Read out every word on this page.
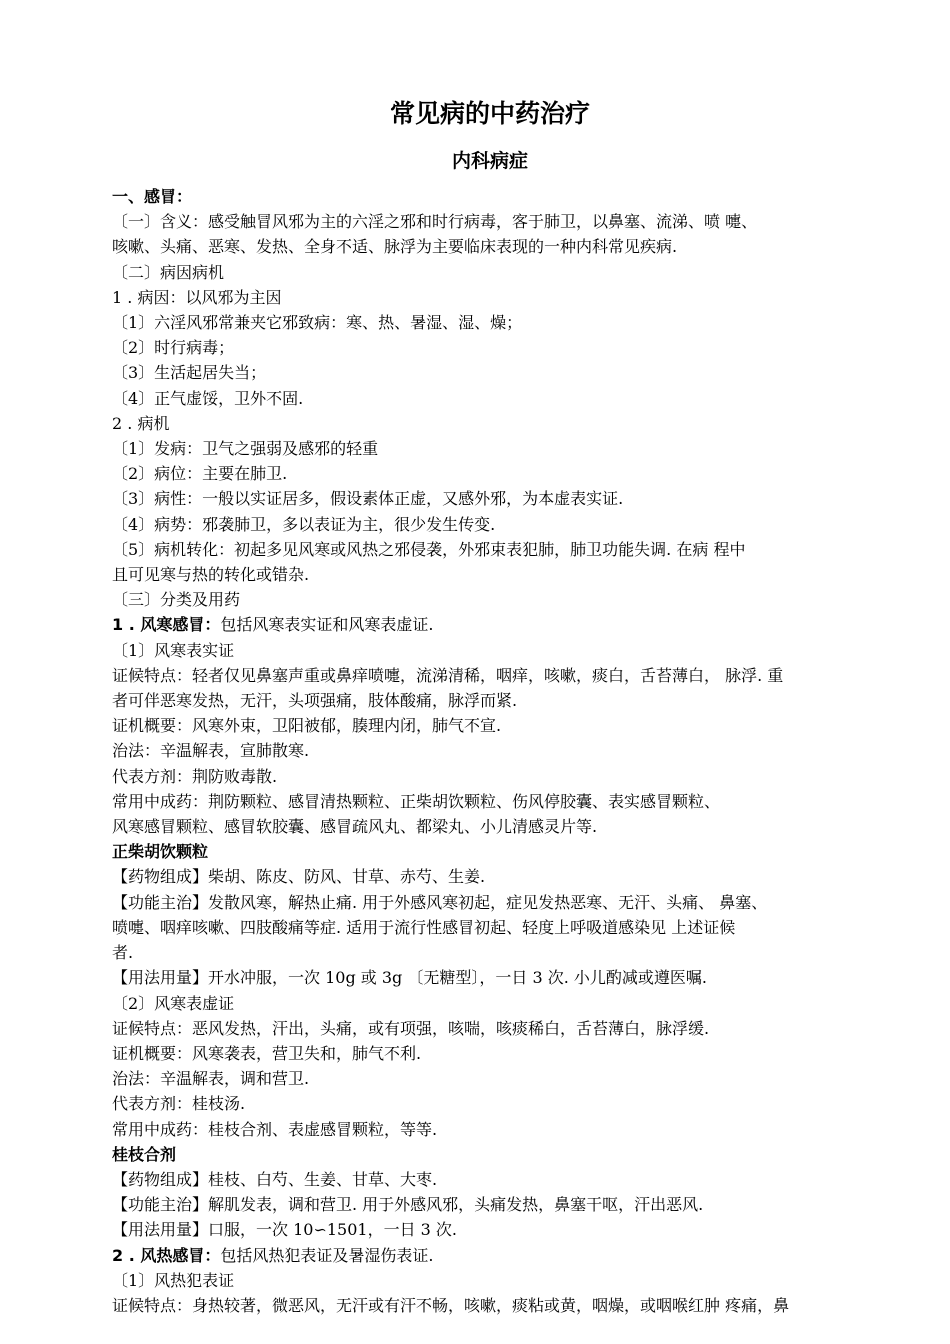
常见病的中药治疗
内科病症
一、感冒：
〔一〕含义：感受触冒风邪为主的六淫之邪和时行病毒，客于肺卫，以鼻塞、流涕、喷 嚏、
咳嗽、头痛、恶寒、发热、全身不适、脉浮为主要临床表现的一种内科常见疾病.
〔二〕病因病机
1 . 病因：以风邪为主因
〔1〕六淫风邪常兼夹它邪致病：寒、热、暑湿、湿、燥；
〔2〕时行病毒；
〔3〕生活起居失当；
〔4〕正气虚馁，卫外不固.
2 . 病机
〔1〕发病：卫气之强弱及感邪的轻重
〔2〕病位：主要在肺卫.
〔3〕病性：一般以实证居多，假设素体正虚，又感外邪，为本虚表实证.
〔4〕病势：邪袭肺卫，多以表证为主，很少发生传变.
〔5〕病机转化：初起多见风寒或风热之邪侵袭，外邪束表犯肺，肺卫功能失调. 在病 程中
且可见寒与热的转化或错杂.
〔三〕分类及用药
1 . 风寒感冒：包括风寒表实证和风寒表虚证.
〔1〕风寒表实证
证候特点：轻者仅见鼻塞声重或鼻痒喷嚏，流涕清稀，咽痒，咳嗽，痰白，舌苔薄白， 脉浮. 重
者可伴恶寒发热，无汗，头项强痛，肢体酸痛，脉浮而紧.
证机概要：风寒外束，卫阳被郁，腠理内闭，肺气不宣.
治法：辛温解表，宣肺散寒.
代表方剂：荆防败毒散.
常用中成药：荆防颗粒、感冒清热颗粒、正柴胡饮颗粒、伤风停胶囊、表实感冒颗粒、
风寒感冒颗粒、感冒软胶囊、感冒疏风丸、都梁丸、小儿清感灵片等.
正柴胡饮颗粒
【药物组成】柴胡、陈皮、防风、甘草、赤芍、生姜.
【功能主治】发散风寒，解热止痛. 用于外感风寒初起，症见发热恶寒、无汗、头痛、 鼻塞、
喷嚏、咽痒咳嗽、四肢酸痛等症. 适用于流行性感冒初起、轻度上呼吸道感染见 上述证候
者.
【用法用量】开水冲服，一次 10g 或 3g 〔无糖型〕，一日 3 次. 小儿酌减或遵医嘱.
〔2〕风寒表虚证
证候特点：恶风发热，汗出，头痛，或有项强，咳喘，咳痰稀白，舌苔薄白，脉浮缓.
证机概要：风寒袭表，营卫失和，肺气不利.
治法：辛温解表，调和营卫.
代表方剂：桂枝汤.
常用中成药：桂枝合剂、表虚感冒颗粒，等等.
桂枝合剂
【药物组成】桂枝、白芍、生姜、甘草、大枣.
【功能主治】解肌发表，调和营卫. 用于外感风邪，头痛发热，鼻塞干呕，汗出恶风.
【用法用量】口服，一次 10∽1501，一日 3 次.
2 . 风热感冒：包括风热犯表证及暑湿伤表证.
〔1〕风热犯表证
证候特点：身热较著，微恶风，无汗或有汗不畅，咳嗽，痰粘或黄，咽燥，或咽喉红肿 疼痛，鼻
